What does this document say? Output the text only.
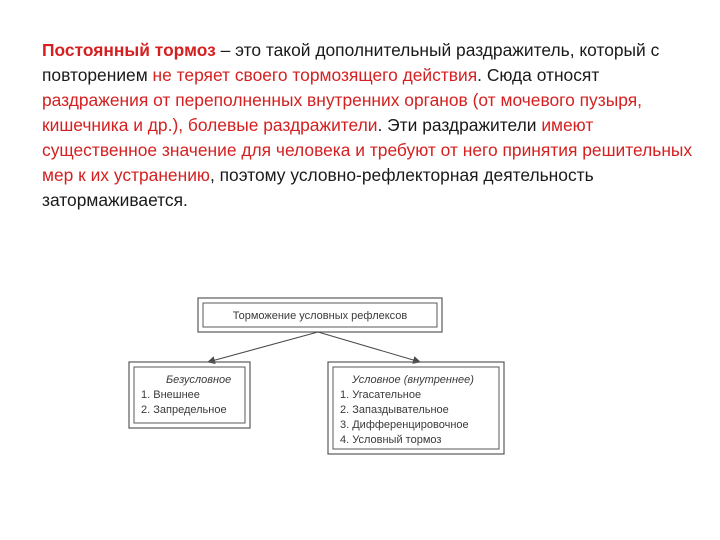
Постоянный тормоз – это такой дополнительный раздражитель, который с повторением не теряет своего тормозящего действия. Сюда относят раздражения от переполненных внутренних органов (от мочевого пузыря, кишечника и др.), болевые раздражители. Эти раздражители имеют существенное значение для человека и требуют от него принятия решительных мер к их устранению, поэтому условно-рефлекторная деятельность затормаживается.
Торможение условных рефлексов
Безусловное
1. Внешнее
2. Запредельное
Условное (внутреннее)
1. Угасательное
2. Запаздывательное
3. Дифференцировочное
4. Условный тормоз
